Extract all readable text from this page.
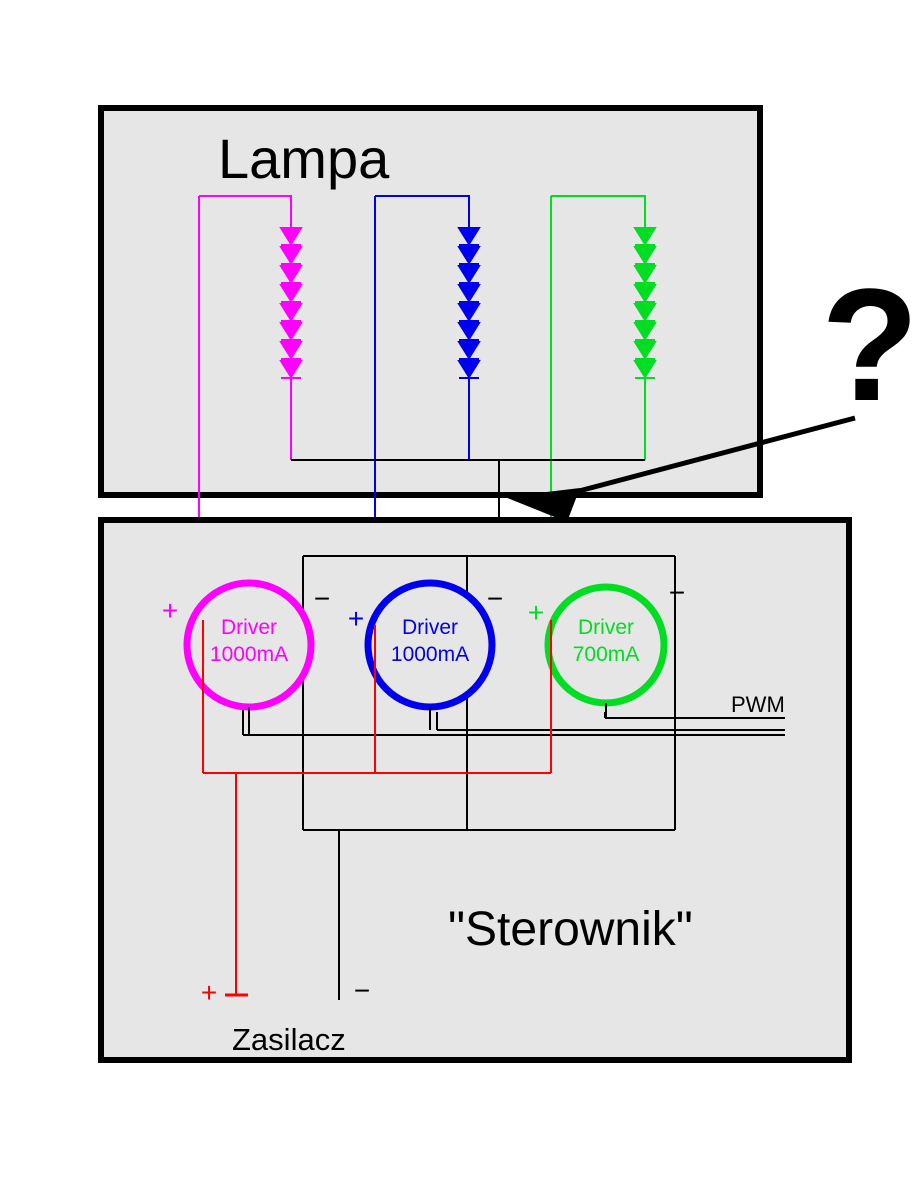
Lampa
Driver
1000mA
+	−
Driver
1000mA
+
−
Driver
700mA
+
−
+	−
Zasilacz
"Sterownik"
PWM
?
